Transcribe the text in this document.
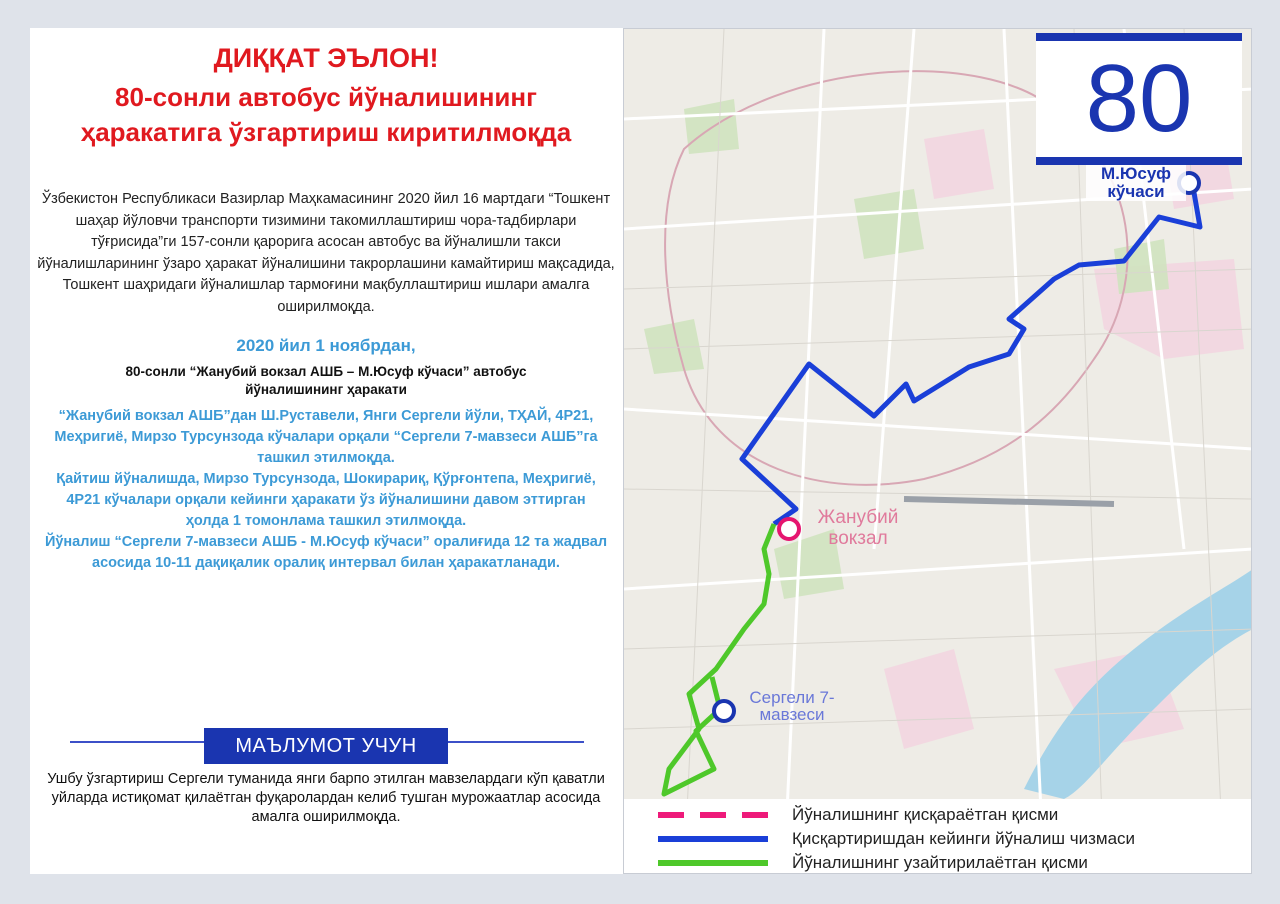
ДИҚҚАТ ЭЪЛОН!
80-сонли автобус йўналишининг ҳаракатига ўзгартириш киритилмоқда
Ўзбекистон Республикаси Вазирлар Маҳкамасининг 2020 йил 16 мартдаги “Тошкент шаҳар йўловчи транспорти тизимини такомиллаштириш чора-тадбирлари тўғрисида”ги 157-сонли қарорига асосан автобус ва йўналишли такси йўналишларининг ўзаро ҳаракат йўналишини такрорлашини камайтириш мақсадида, Тошкент шаҳридаги йўналишлар тармоғини мақбуллаштириш ишлари амалга оширилмоқда.
2020 йил 1 ноябрдан,
80-сонли “Жанубий вокзал АШБ – М.Юсуф кўчаси” автобус йўналишининг ҳаракати
“Жанубий вокзал АШБ”дан Ш.Руставели, Янги Сергели йўли, ТҲАЙ, 4Р21, Меҳригиё, Мирзо Турсунзода кўчалари орқали “Сергели 7-мавзеси АШБ”га ташкил этилмоқда.
Қайтиш йўналишда, Мирзо Турсунзода, Шокирариқ, Қўрғонтепа, Меҳригиё, 4Р21 кўчалари орқали кейинги ҳаракати ўз йўналишини давом эттирган ҳолда 1 томонлама ташкил этилмоқда.
Йўналиш “Сергели 7-мавзеси АШБ - М.Юсуф кўчаси” оралиғида 12 та жадвал асосида 10-11 дақиқалик оралиқ интервал билан ҳаракатланади.
МАЪЛУМОТ УЧУН
Ушбу ўзгартириш Сергели туманида янги барпо этилган мавзелардаги кўп қаватли уйларда истиқомат қилаётган фуқаролардан келиб тушган мурожаатлар асосида амалга оширилмоқда.
80
М.Юсуф кўчаси
Жанубий вокзал
Сергели 7-мавзеси
Йўналишнинг қисқараётган қисми
Қисқартиришдан кейинги йўналиш чизмаси
Йўналишнинг узайтирилаётган қисми
